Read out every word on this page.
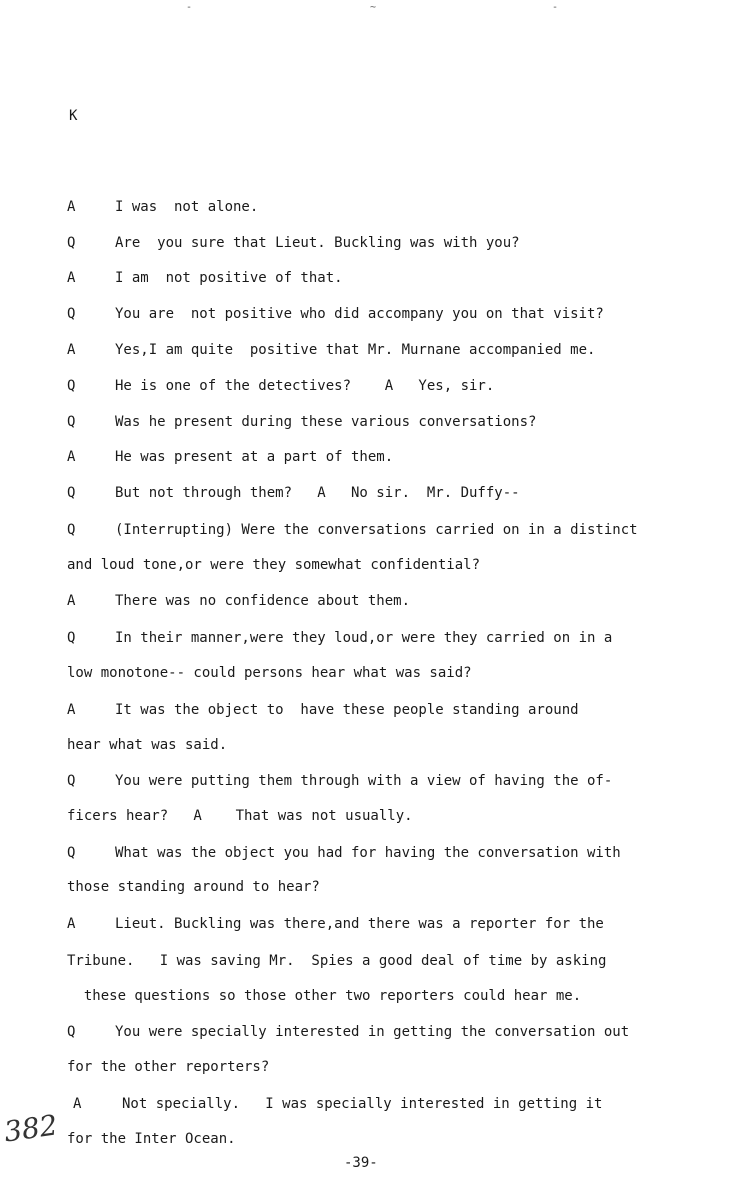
-	~	-
K
A	I was  not alone.
Q	Are  you sure that Lieut. Buckling was with you?
A	I am  not positive of that.
Q	You are  not positive who did accompany you on that visit?
A	Yes,I am quite  positive that Mr. Murnane accompanied me.
Q	He is one of the detectives?    A   Yes, sir.
Q	Was he present during these various conversations?
A	He was present at a part of them.
Q	But not through them?   A   No sir.  Mr. Duffy--
Q	(Interrupting) Were the conversations carried on in a distinct
and loud tone,or were they somewhat confidential?
A	There was no confidence about them.
Q	In their manner,were they loud,or were they carried on in a
low monotone-- could persons hear what was said?
A	It was the object to  have these people standing around
hear what was said.
Q	You were putting them through with a view of having the of-
ficers hear?   A    That was not usually.
Q	What was the object you had for having the conversation with
those standing around to hear?
A	Lieut. Buckling was there,and there was a reporter for the
Tribune.   I was saving Mr.  Spies a good deal of time by asking
these questions so those other two reporters could hear me.
Q	You were specially interested in getting the conversation out
for the other reporters?
A	Not specially.   I was specially interested in getting it
for the Inter Ocean.
382
-39-
